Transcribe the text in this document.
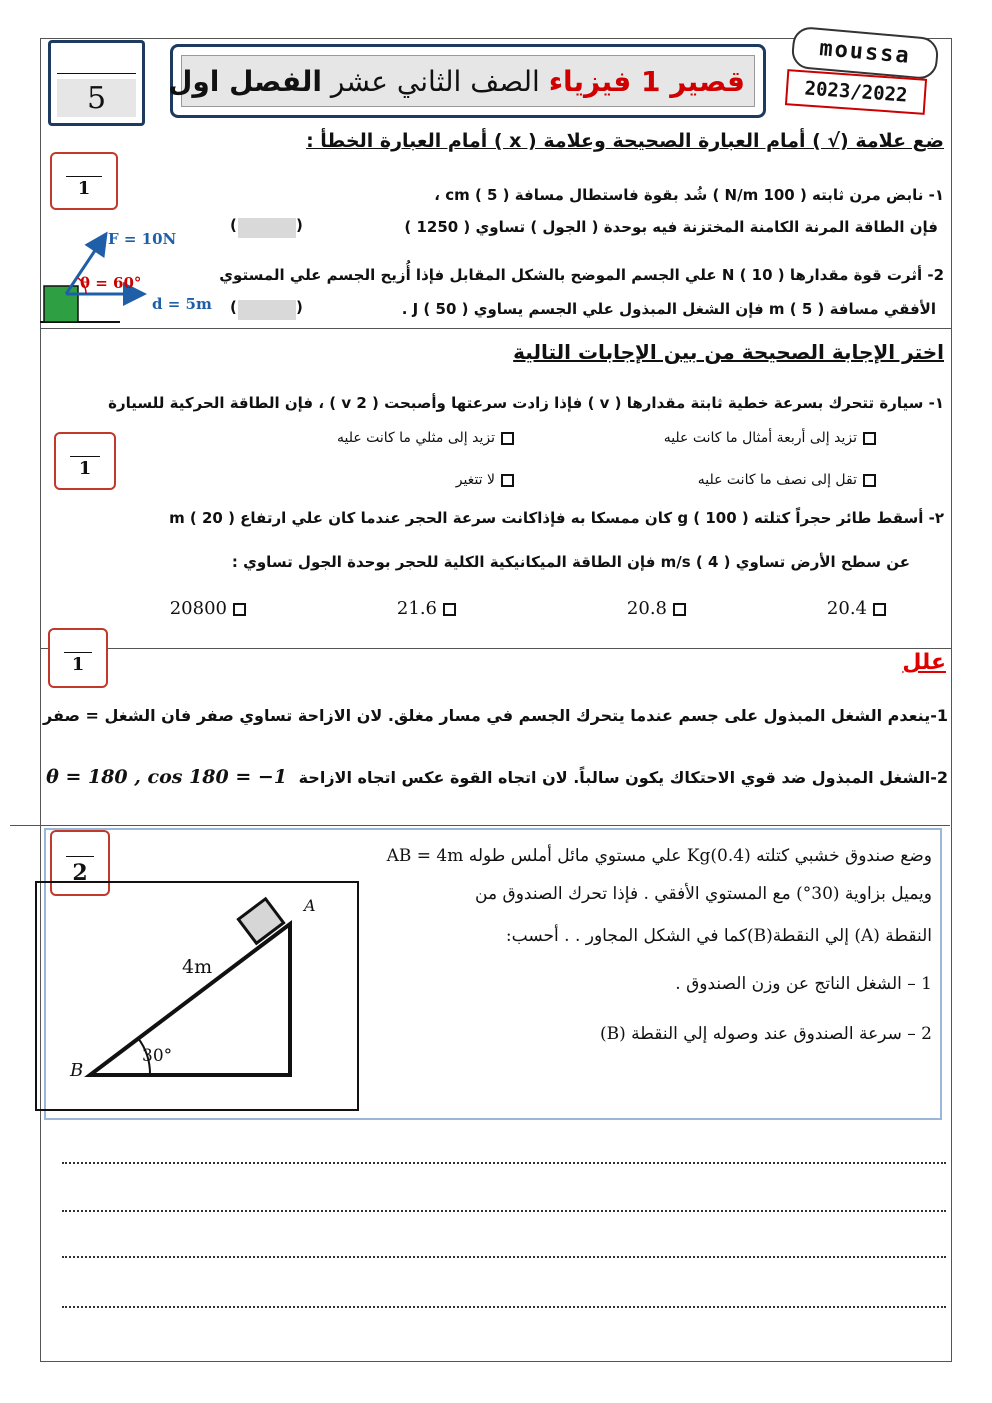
5	قصير 1 فيزياء الصف الثاني عشر الفصل اول
moussa
2023/2022
ضع علامة (√ ) أمام العبارة الصحيحة وعلامة ( x ) أمام العبارة الخطأ :
1	١- نابض مرن ثابته ( 100 N/m ) شُد بقوة فاستطال مسافة cm ( 5 ) ،
فإن الطاقة المرنة الكامنة المختزنة فيه بوحدة ( الجول ) تساوي ( 1250 )
(	)
F = 10N
θ = 60°
d = 5m
2- أثرت قوة مقدارها N ( 10 ) علي الجسم الموضح بالشكل المقابل فإذا أُزيح الجسم علي المستوي
الأفقي مسافة m ( 5 ) فإن الشغل المبذول علي الجسم يساوي J ( 50 ) .
(	)
اختر الإجابة الصحيحة من بين الإجابات التالية
١- سيارة تتحرك بسرعة خطية ثابتة مقدارها ( v ) فإذا زادت سرعتها وأصبحت ( 2 v ) ، فإن الطاقة الحركية للسيارة
1
تزيد إلى أربعة أمثال ما كانت عليه
تزيد إلى مثلي ما كانت عليه
تقل إلى نصف ما كانت عليه
لا تتغير
٢- أسقط طائر حجراً كتلته g ( 100 ) كان ممسكا به فإذاكانت سرعة الحجر عندما كان علي ارتفاع m ( 20 )
عن سطح الأرض تساوي m/s ( 4 ) فإن الطاقة الميكانيكية الكلية للحجر بوحدة الجول تساوي :
20.4
20.8
21.6
20800
1	علل
1-ينعدم الشغل المبذول على جسم عندما يتحرك الجسم في مسار مغلق. لان الازاحة تساوي صفر فان الشغل = صفر
2-الشغل المبذول ضد قوي الاحتكاك يكون سالباً. لان اتجاه القوة عكس اتجاه الازاحة θ = 180 , cos 180 = −1
2
4m
30°
A
B
وضع صندوق خشبي كتلته (0.4)Kg علي مستوي مائل أملس طوله AB = 4m
ويميل بزاوية (30°) مع المستوي الأفقي . فإذا تحرك الصندوق من
النقطة (A) إلي النقطة(B)كما في الشكل المجاور . . أحسب:
1 – الشغل الناتج عن وزن الصندوق .
2 – سرعة الصندوق عند وصوله إلي النقطة (B)
